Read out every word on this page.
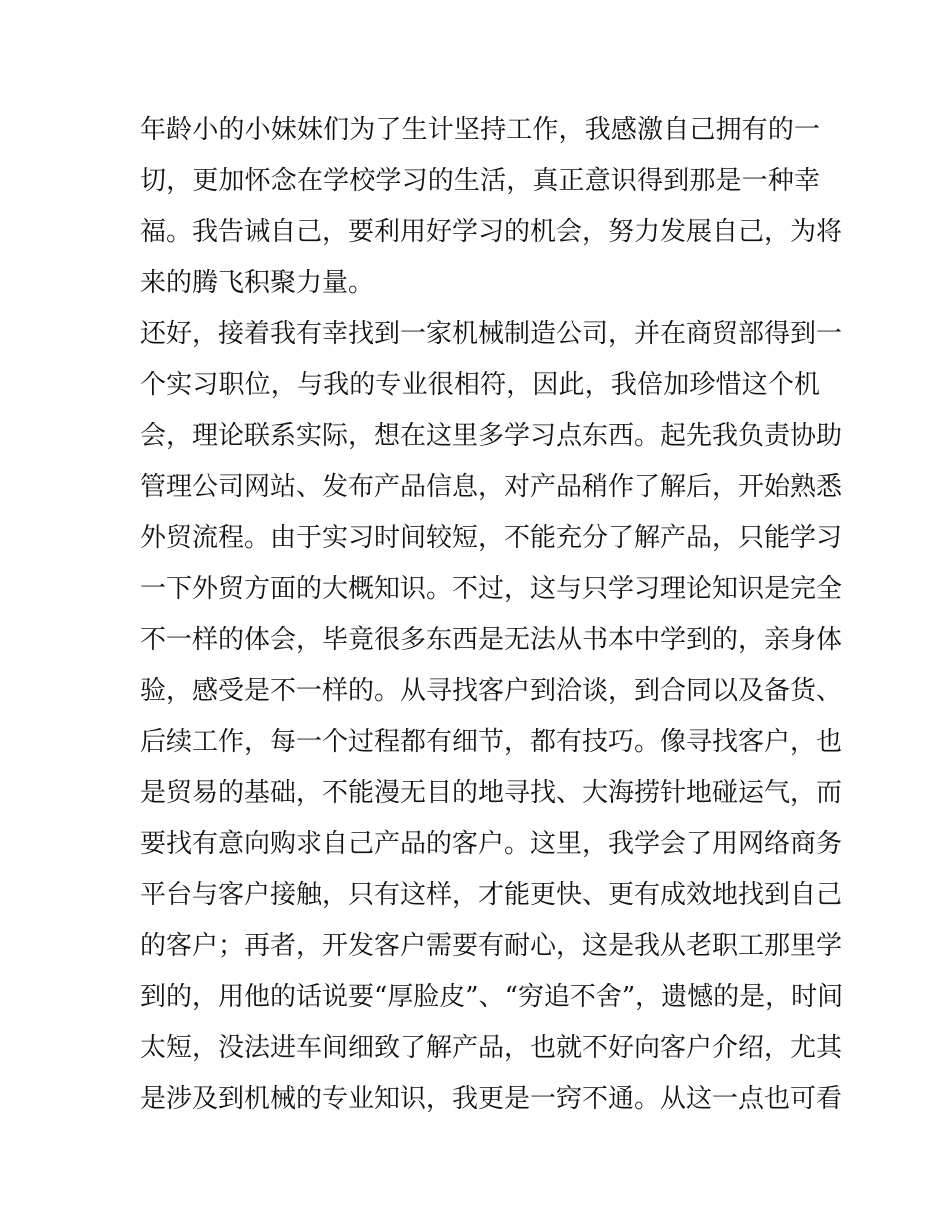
年龄小的小妹妹们为了生计坚持工作，我感激自己拥有的一
切，更加怀念在学校学习的生活，真正意识得到那是一种幸
福。我告诫自己，要利用好学习的机会，努力发展自己，为将
来的腾飞积聚力量。
还好，接着我有幸找到一家机械制造公司，并在商贸部得到一
个实习职位，与我的专业很相符，因此，我倍加珍惜这个机
会，理论联系实际，想在这里多学习点东西。起先我负责协助
管理公司网站、发布产品信息，对产品稍作了解后，开始熟悉
外贸流程。由于实习时间较短，不能充分了解产品，只能学习
一下外贸方面的大概知识。不过，这与只学习理论知识是完全
不一样的体会，毕竟很多东西是无法从书本中学到的，亲身体
验，感受是不一样的。从寻找客户到洽谈，到合同以及备货、
后续工作，每一个过程都有细节，都有技巧。像寻找客户，也
是贸易的基础，不能漫无目的地寻找、大海捞针地碰运气，而
要找有意向购求自己产品的客户。这里，我学会了用网络商务
平台与客户接触，只有这样，才能更快、更有成效地找到自己
的客户；再者，开发客户需要有耐心，这是我从老职工那里学
到的，用他的话说要“厚脸皮”、“穷追不舍”，遗憾的是，时间
太短，没法进车间细致了解产品，也就不好向客户介绍，尤其
是涉及到机械的专业知识，我更是一窍不通。从这一点也可看
